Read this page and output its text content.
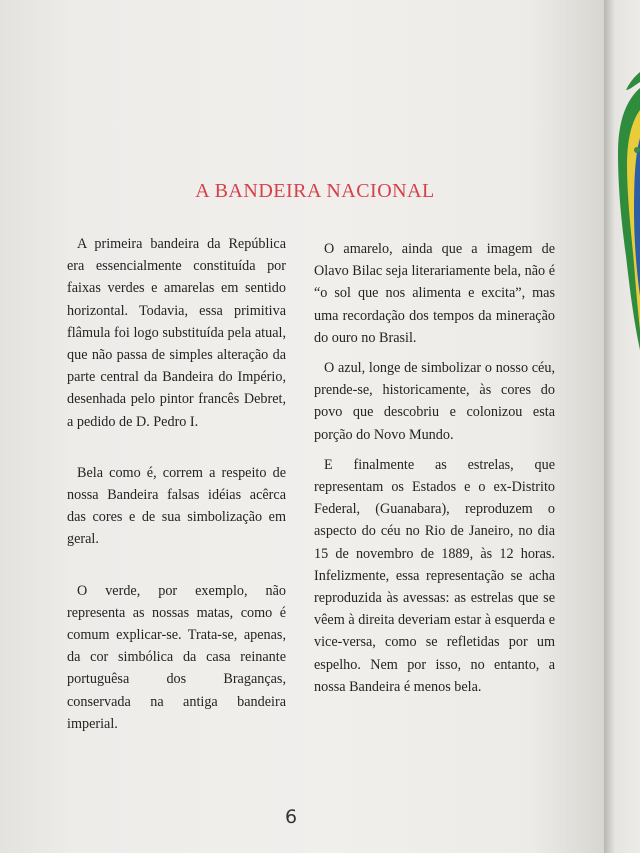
A BANDEIRA NACIONAL

A primeira bandeira da República era essencialmente constituída por faixas verdes e amarelas em sentido horizontal. Todavia, essa primitiva flâmula foi logo substituída pela atual, que não passa de simples alteração da parte central da Bandeira do Império, desenhada pelo pintor francês Debret, a pedido de D. Pedro I.

Bela como é, correm a respeito de nossa Bandeira falsas idéias acêrca das cores e de sua simbolização em geral.

O verde, por exemplo, não representa as nossas matas, como é comum explicar-se. Trata-se, apenas, da cor simbólica da casa reinante portuguêsa dos Braganças, conservada na antiga bandeira imperial.

O amarelo, ainda que a imagem de Olavo Bilac seja literariamente bela, não é “o sol que nos alimenta e excita”, mas uma recordação dos tempos da mineração do ouro no Brasil.

O azul, longe de simbolizar o nosso céu, prende-se, historicamente, às cores do povo que descobriu e colonizou esta porção do Novo Mundo.

E finalmente as estrelas, que representam os Estados e o ex-Distrito Federal, (Guanabara), reproduzem o aspecto do céu no Rio de Janeiro, no dia 15 de novembro de 1889, às 12 horas. Infelizmente, essa representação se acha reproduzida às avessas: as estrelas que se vêem à direita deveriam estar à esquerda e vice-versa, como se refletidas por um espelho. Nem por isso, no entanto, a nossa Bandeira é menos bela.

6
